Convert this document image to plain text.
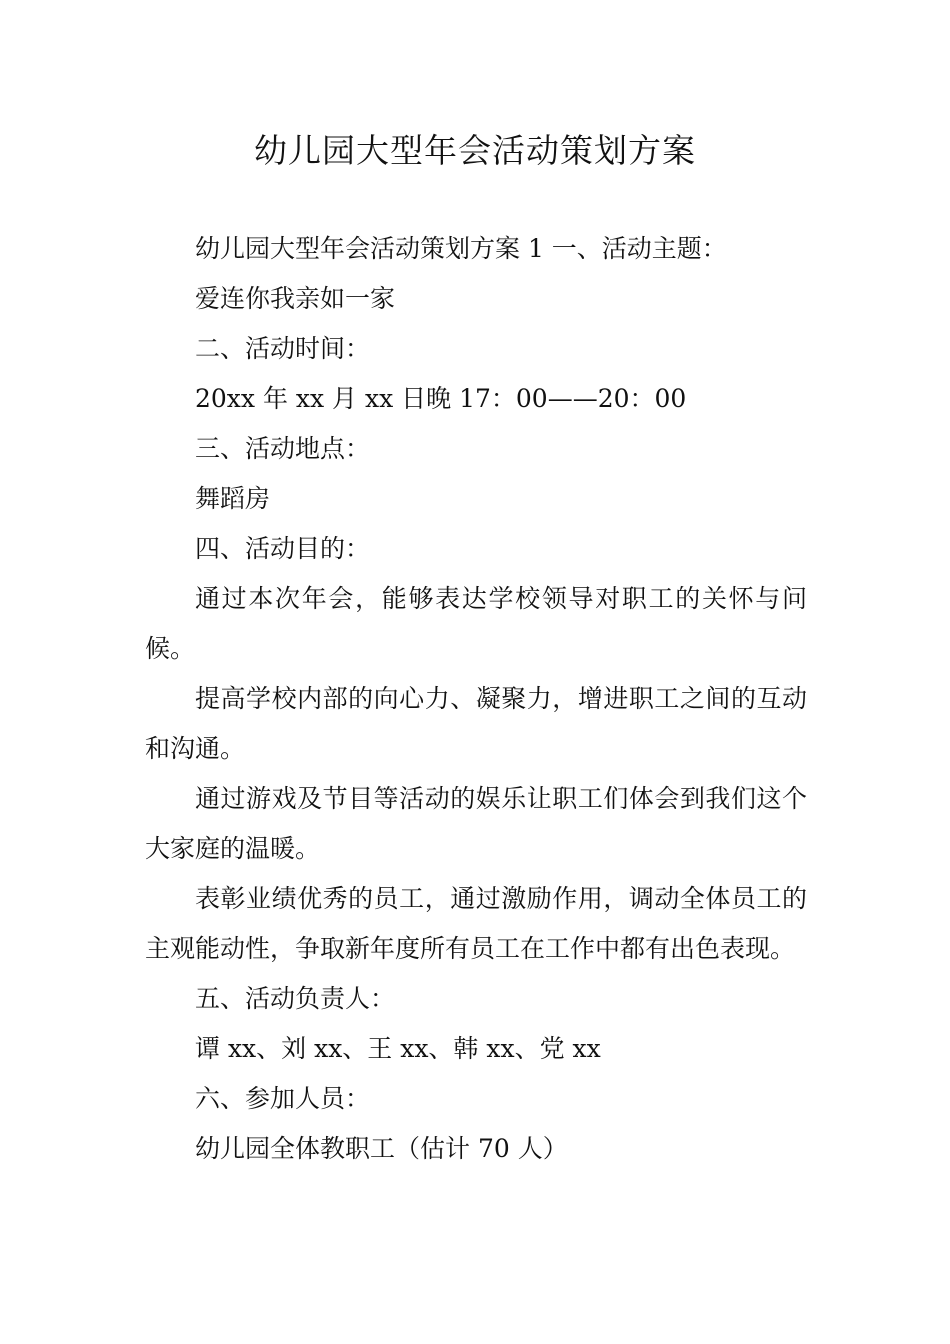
幼儿园大型年会活动策划方案

幼儿园大型年会活动策划方案 1 一、活动主题：

爱连你我亲如一家

二、活动时间：

20xx 年 xx 月 xx 日晚 17：00——20：00

三、活动地点：

舞蹈房

四、活动目的：

通过本次年会，能够表达学校领导对职工的关怀与问候。

提高学校内部的向心力、凝聚力，增进职工之间的互动和沟通。

通过游戏及节目等活动的娱乐让职工们体会到我们这个大家庭的温暖。

表彰业绩优秀的员工，通过激励作用，调动全体员工的主观能动性，争取新年度所有员工在工作中都有出色表现。

五、活动负责人：

谭 xx、刘 xx、王 xx、韩 xx、党 xx

六、参加人员：

幼儿园全体教职工（估计 70 人）
